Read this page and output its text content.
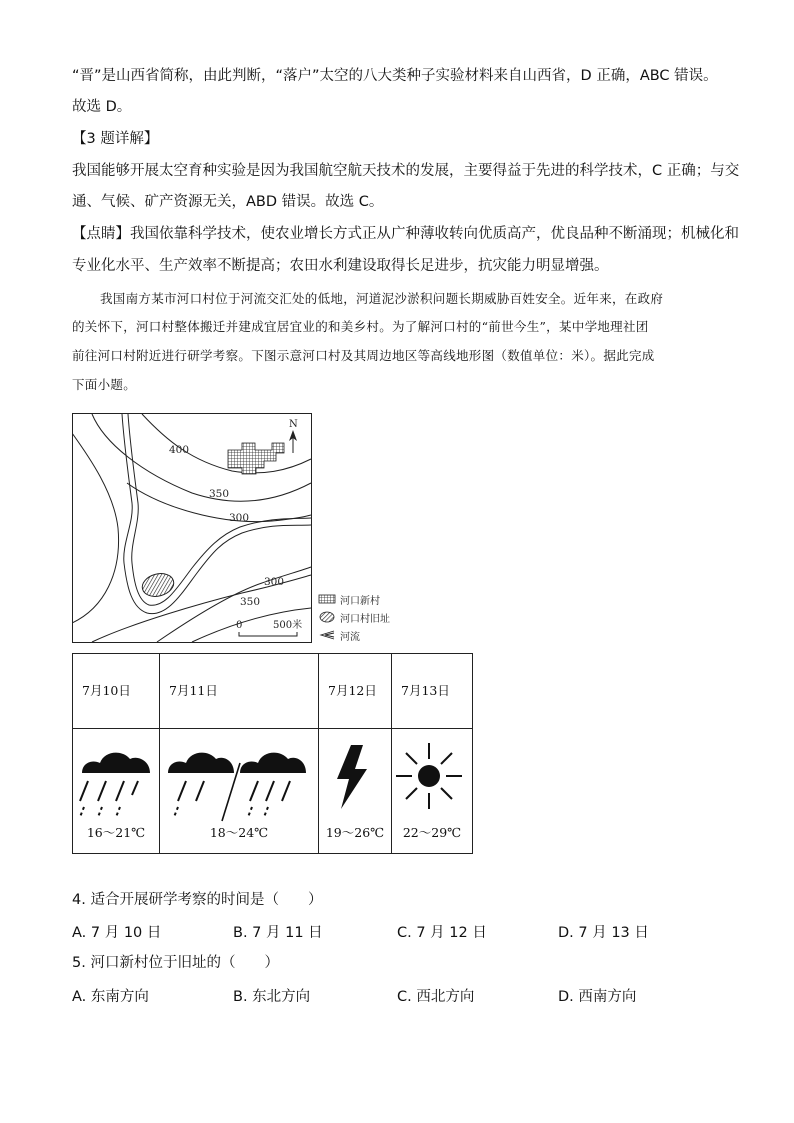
“晋”是山西省简称，由此判断，“落户”太空的八大类种子实验材料来自山西省，D 正确，ABC 错误。
故选 D。
【3 题详解】
我国能够开展太空育种实验是因为我国航空航天技术的发展，主要得益于先进的科学技术，C 正确；与交
通、气候、矿产资源无关，ABD 错误。故选 C。
【点睛】我国依靠科学技术，使农业增长方式正从广种薄收转向优质高产，优良品种不断涌现；机械化和
专业化水平、生产效率不断提高；农田水利建设取得长足进步，抗灾能力明显增强。
我国南方某市河口村位于河流交汇处的低地，河道泥沙淤积问题长期威胁百姓安全。近年来，在政府
的关怀下，河口村整体搬迁并建成宜居宜业的和美乡村。为了解河口村的“前世今生”，某中学地理社团
前往河口村附近进行研学考察。下图示意河口村及其周边地区等高线地形图（数值单位：米）。据此完成
下面小题。
400
350
300
300
350
N
0	500米
河口新村
河口村旧址
河流
7月10日	7月11日	7月12日	7月13日

16～21℃	18～24℃	19～26℃	22～29℃
4. 适合开展研学考察的时间是（　　）
A. 7 月 10 日	B. 7 月 11 日	C. 7 月 12 日	D. 7 月 13 日
5. 河口新村位于旧址的（　　）
A. 东南方向	B. 东北方向	C. 西北方向	D. 西南方向
